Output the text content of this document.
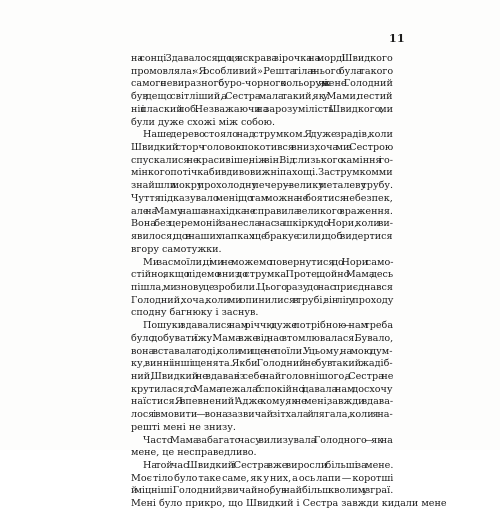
11
на сонці. Здавалося, що ця яскрава зірочка на морді Швидкого
промовляла: «Я особливий». Решта тіла в нього була такого
самого невиразного буро-чорного кольору, як і в мене. Голодний
був дещо світліший, а Сестра мала такий, як у Мами, пестий
ніс і плаский лоб. Незважаючи на зарозумілість Швидкого, ми
були дуже схожі між собою.
Наше дерево стояло над струмком. Я дуже зрадів, коли
Швидкий сторч головою покотився вниз, хоча ми з Сестрою
спускалися не красивіше, ніж він. Від слизького каміння і го-
мінкого потічка бив дивовижні пахощі. За струмком ми
знайшли мокру прохолодну печеру — велику металеву трубу.
Чуття підказувало мені, що там можна не боятися небезпек,
але на Маму наша знахідка не справила великого враження.
Вона без церемоній занесла нас за шкірку до Нори, коли ви-
явилося, що в наших лапках ще бракує сили, щоб видертися
вгору самотужки.
Ми засмоїли, ці ми не можемо повернутися до Нори само-
стійно, якщо підемо вниз до струмка. Проте, щойно Мама десь
пішла, ми знову це зробили. Цього разу до нас приєднався
Голодний, хоча, коли ми опинилися в трубі, він ліг у проходу
сподну багнюку і заснув.
Пошуки здавалися нам річчю дуже потрібною — нам треба
було добувати їжу. Мама вже від нас втомлювалася. Бувало,
вона вставала тоді, коли ми ще не поїли. У цьому, на мою дум-
ку, винні інші щенята. Якби Голодний не був такий жадіб-
ний, Швидкий не вдавав із себе найголовнішого, а Сестра не
крутилася, то Мама лежала б спокійно і давала нам досхочу
наїстися. Я впевнений! Адже кому, як не мені, завжди вдава-
лося і вмовити — вона зазвичай зітхала й лягала, коли я на-
решті мені не знизу.
Часто Мама забагато часу вилизувала Голодного — як на
мене, це несправедливо.
На той час Швидкий і Сестра вже виросли більші за мене.
Моє тіло було таке саме, як у них, а ось лапи — коротші
й міцніші. Голодний, звичайно, був найбільш кволим у зграї.
Мені було прикро, що Швидкий і Сестра завжди кидали мене
